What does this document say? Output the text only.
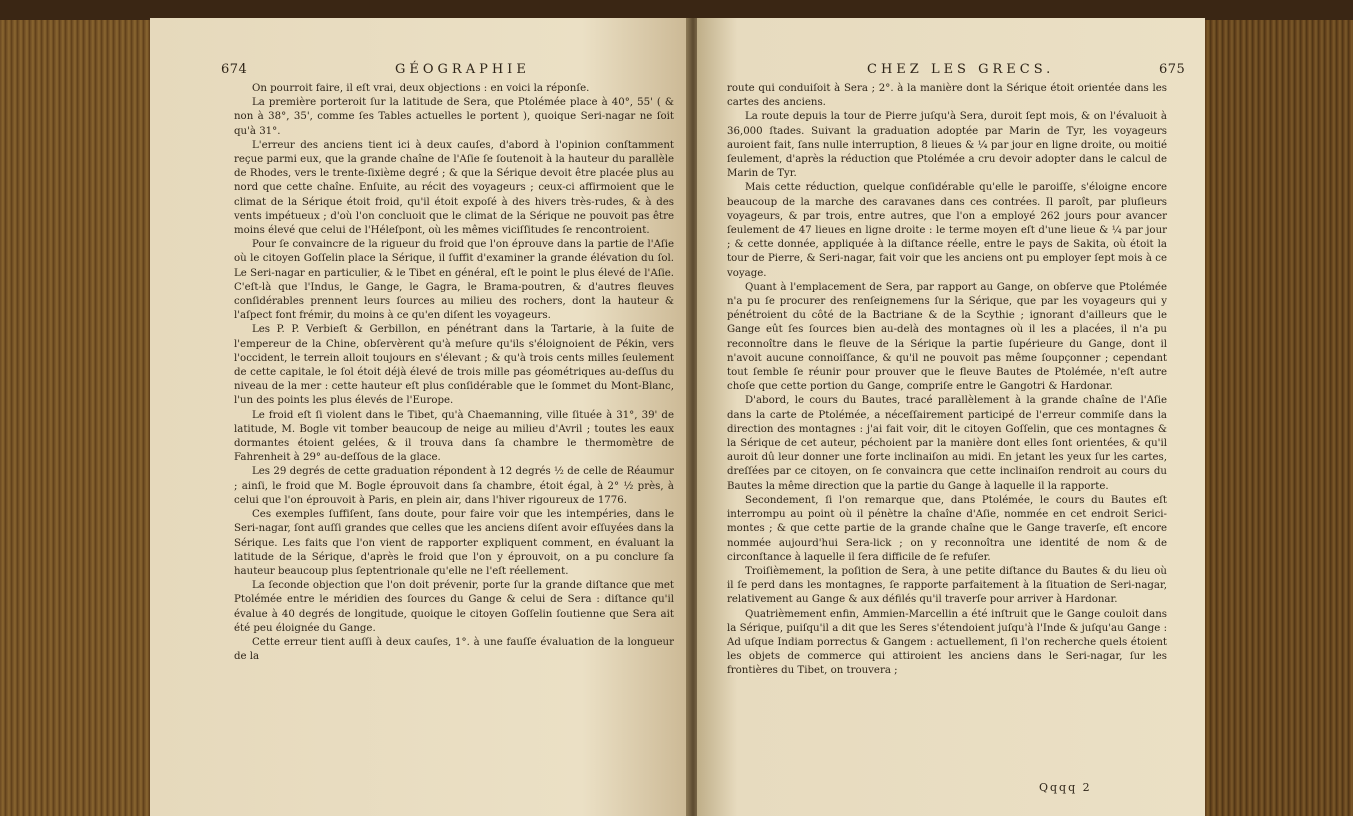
674	GÉOGRAPHIE

On pourroit faire, il eſt vrai, deux objections : en voici la réponſe.

La première porteroit ſur la latitude de Sera, que Ptolémée place à 40°, 55' ( & non à 38°, 35', comme ſes Tables actuelles le portent ), quoique Seri-nagar ne ſoit qu'à 31°.

L'erreur des anciens tient ici à deux cauſes, d'abord à l'opinion conſtamment reçue parmi eux, que la grande chaîne de l'Aſie ſe ſoutenoit à la hauteur du parallèle de Rhodes, vers le trente-ſixième degré ; & que la Sérique devoit être placée plus au nord que cette chaîne. Enſuite, au récit des voyageurs ; ceux-ci affirmoient que le climat de la Sérique étoit froid, qu'il étoit expoſé à des hivers très-rudes, & à des vents impétueux ; d'où l'on concluoit que le climat de la Sérique ne pouvoit pas être moins élevé que celui de l'Héleſpont, où les mêmes viciſſitudes ſe rencontroient.

Pour ſe convaincre de la rigueur du froid que l'on éprouve dans la partie de l'Aſie où le citoyen Goſſelin place la Sérique, il ſuffit d'examiner la grande élévation du ſol. Le Seri-nagar en particulier, & le Tibet en général, eſt le point le plus élevé de l'Aſie. C'eſt-là que l'Indus, le Gange, le Gagra, le Brama-poutren, & d'autres fleuves conſidérables prennent leurs ſources au milieu des rochers, dont la hauteur & l'aſpect font frémir, du moins à ce qu'en diſent les voyageurs.

Les P. P. Verbieſt & Gerbillon, en pénétrant dans la Tartarie, à la ſuite de l'empereur de la Chine, obſervèrent qu'à meſure qu'ils s'éloignoient de Pékin, vers l'occident, le terrein alloit toujours en s'élevant ; & qu'à trois cents milles ſeulement de cette capitale, le ſol étoit déjà élevé de trois mille pas géométriques au-deſſus du niveau de la mer : cette hauteur eſt plus conſidérable que le ſommet du Mont-Blanc, l'un des points les plus élevés de l'Europe.

Le froid eſt ſi violent dans le Tibet, qu'à Chaemanning, ville ſituée à 31°, 39' de latitude, M. Bogle vit tomber beaucoup de neige au milieu d'Avril ; toutes les eaux dormantes étoient gelées, & il trouva dans ſa chambre le thermomètre de Fahrenheit à 29° au-deſſous de la glace.

Les 29 degrés de cette graduation répondent à 12 degrés ½ de celle de Réaumur ; ainſi, le froid que M. Bogle éprouvoit dans ſa chambre, étoit égal, à 2° ½ près, à celui que l'on éprouvoit à Paris, en plein air, dans l'hiver rigoureux de 1776.

Ces exemples ſuffiſent, ſans doute, pour faire voir que les intempéries, dans le Seri-nagar, ſont auſſi grandes que celles que les anciens diſent avoir eſſuyées dans la Sérique. Les faits que l'on vient de rapporter expliquent comment, en évaluant la latitude de la Sérique, d'après le froid que l'on y éprouvoit, on a pu conclure ſa hauteur beaucoup plus ſeptentrionale qu'elle ne l'eſt réellement.

La ſeconde objection que l'on doit prévenir, porte ſur la grande diſtance que met Ptolémée entre le méridien des ſources du Gange & celui de Sera : diſtance qu'il évalue à 40 degrés de longitude, quoique le citoyen Goſſelin ſoutienne que Sera ait été peu éloignée du Gange.

Cette erreur tient auſſi à deux cauſes, 1°. à une fauſſe évaluation de la longueur de la

CHEZ LES GRECS.	675

route qui conduiſoit à Sera ; 2°. à la manière dont la Sérique étoit orientée dans les cartes des anciens.

La route depuis la tour de Pierre juſqu'à Sera, duroit ſept mois, & on l'évaluoit à 36,000 ſtades. Suivant la graduation adoptée par Marin de Tyr, les voyageurs auroient fait, ſans nulle interruption, 8 lieues & ¼ par jour en ligne droite, ou moitié ſeulement, d'après la réduction que Ptolémée a cru devoir adopter dans le calcul de Marin de Tyr.

Mais cette réduction, quelque conſidérable qu'elle le paroiſſe, s'éloigne encore beaucoup de la marche des caravanes dans ces contrées. Il paroît, par pluſieurs voyageurs, & par trois, entre autres, que l'on a employé 262 jours pour avancer ſeulement de 47 lieues en ligne droite : le terme moyen eſt d'une lieue & ¼ par jour ; & cette donnée, appliquée à la diſtance réelle, entre le pays de Sakita, où étoit la tour de Pierre, & Seri-nagar, fait voir que les anciens ont pu employer ſept mois à ce voyage.

Quant à l'emplacement de Sera, par rapport au Gange, on obſerve que Ptolémée n'a pu ſe procurer des renſeignemens ſur la Sérique, que par les voyageurs qui y pénétroient du côté de la Bactriane & de la Scythie ; ignorant d'ailleurs que le Gange eût ſes ſources bien au-delà des montagnes où il les a placées, il n'a pu reconnoître dans le fleuve de la Sérique la partie ſupérieure du Gange, dont il n'avoit aucune connoiſſance, & qu'il ne pouvoit pas même ſoupçonner ; cependant tout ſemble ſe réunir pour prouver que le fleuve Bautes de Ptolémée, n'eſt autre choſe que cette portion du Gange, compriſe entre le Gangotri & Hardonar.

D'abord, le cours du Bautes, tracé parallèlement à la grande chaîne de l'Aſie dans la carte de Ptolémée, a néceſſairement participé de l'erreur commiſe dans la direction des montagnes : j'ai fait voir, dit le citoyen Goſſelin, que ces montagnes & la Sérique de cet auteur, péchoient par la manière dont elles ſont orientées, & qu'il auroit dû leur donner une forte inclinaiſon au midi. En jetant les yeux ſur les cartes, dreſſées par ce citoyen, on ſe convaincra que cette inclinaiſon rendroit au cours du Bautes la même direction que la partie du Gange à laquelle il la rapporte.

Secondement, ſi l'on remarque que, dans Ptolémée, le cours du Bautes eſt interrompu au point où il pénètre la chaîne d'Aſie, nommée en cet endroit Serici-montes ; & que cette partie de la grande chaîne que le Gange traverſe, eſt encore nommée aujourd'hui Sera-lick ; on y reconnoîtra une identité de nom & de circonſtance à laquelle il ſera difficile de ſe refuſer.

Troiſièmement, la poſition de Sera, à une petite diſtance du Bautes & du lieu où il ſe perd dans les montagnes, ſe rapporte parfaitement à la ſituation de Seri-nagar, relativement au Gange & aux défilés qu'il traverſe pour arriver à Hardonar.

Quatrièmement enfin, Ammien-Marcellin a été inſtruit que le Gange couloit dans la Sérique, puiſqu'il a dit que les Seres s'étendoient juſqu'à l'Inde & juſqu'au Gange : Ad uſque Indiam porrectus & Gangem : actuellement, ſi l'on recherche quels étoient les objets de commerce qui attiroient les anciens dans le Seri-nagar, ſur les frontières du Tibet, on trouvera ;

Qqqq 2
